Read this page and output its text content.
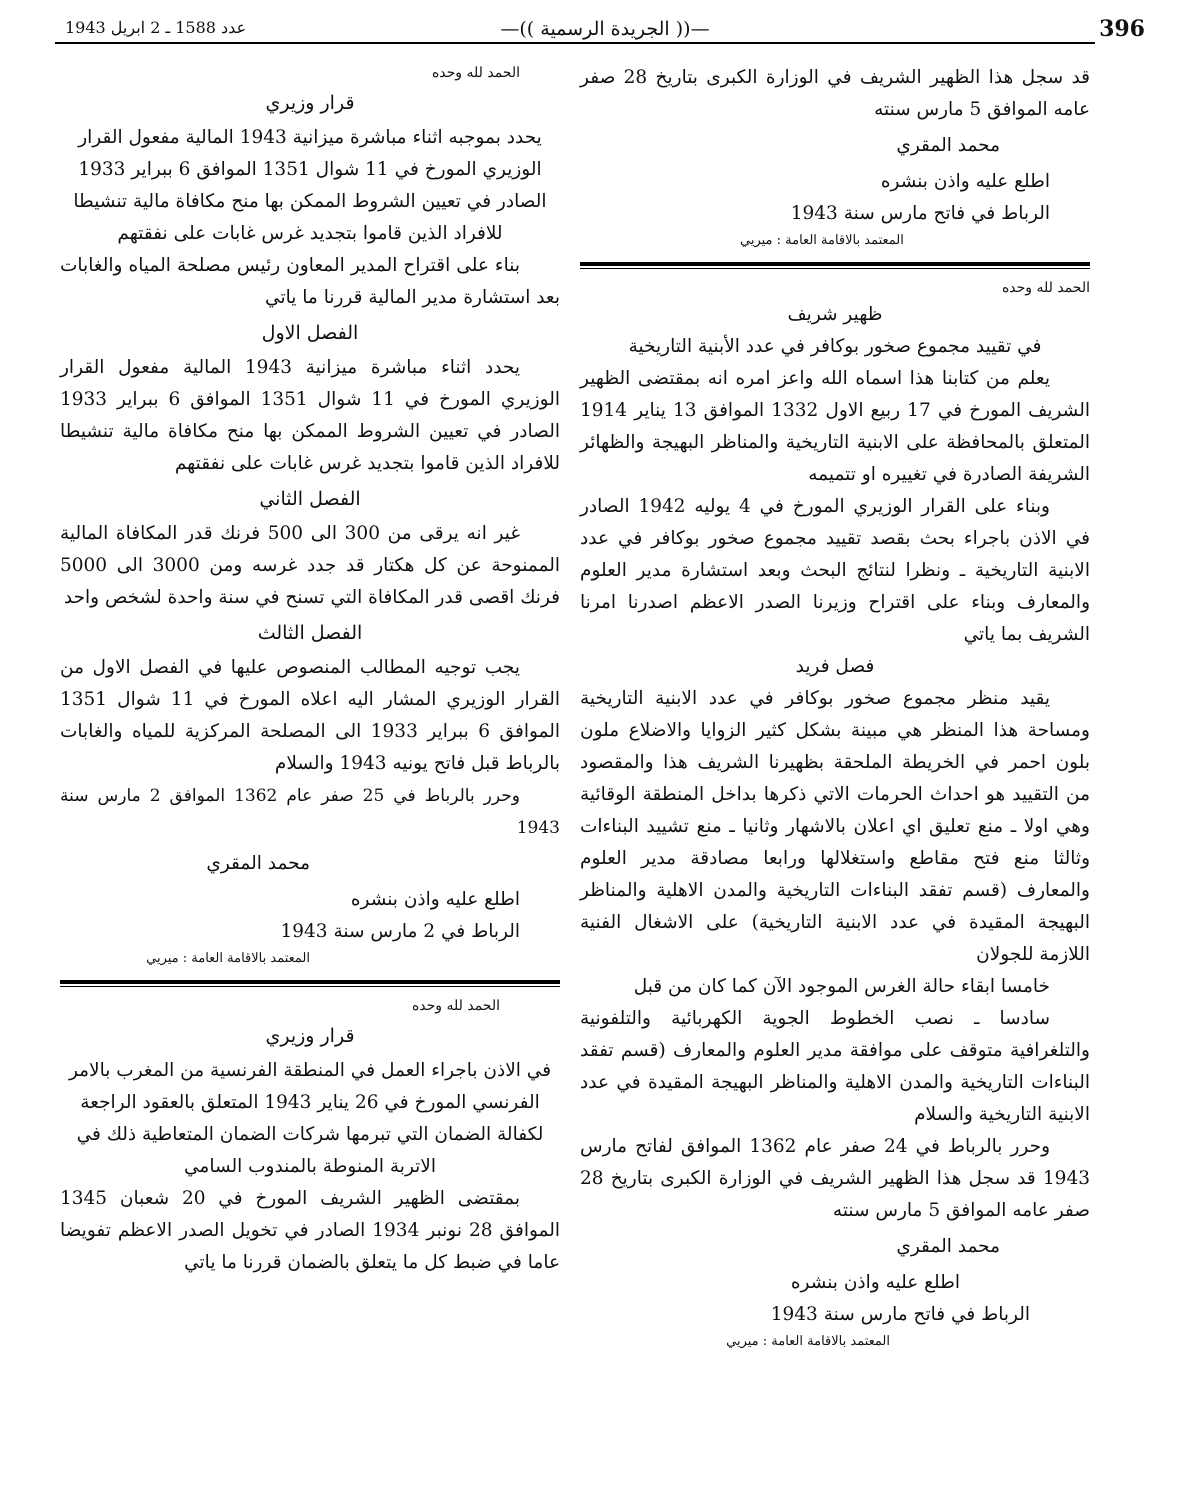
396
—(( الجريدة الرسمية ))—
عدد 1588 ـ 2 ابريل 1943

قد سجل هذا الظهير الشريف في الوزارة الكبرى بتاريخ 28 صفر عامه الموافق 5 مارس سنته

محمد المقري

اطلع عليه واذن بنشره

الرباط في فاتح مارس سنة 1943

المعتمد بالاقامة العامة : ميريي

الحمد لله وحده

ظهير شريف

في تقييد مجموع صخور بوكافر في عدد الأبنية التاريخية

يعلم من كتابنا هذا اسماه الله واعز امره انه بمقتضى الظهير الشريف المورخ في 17 ربيع الاول 1332 الموافق 13 يناير 1914 المتعلق بالمحافظة على الابنية التاريخية والمناظر البهيجة والظهائر الشريفة الصادرة في تغييره او تتميمه

وبناء على القرار الوزيري المورخ في 4 يوليه 1942 الصادر في الاذن باجراء بحث بقصد تقييد مجموع صخور بوكافر في عدد الابنية التاريخية ـ ونظرا لنتائج البحث وبعد استشارة مدير العلوم والمعارف وبناء على اقتراح وزيرنا الصدر الاعظم اصدرنا امرنا الشريف بما ياتي

فصل فريد

يقيد منظر مجموع صخور بوكافر في عدد الابنية التاريخية ومساحة هذا المنظر هي مبينة بشكل كثير الزوايا والاضلاع ملون بلون احمر في الخريطة الملحقة بظهيرنا الشريف هذا والمقصود من التقييد هو احداث الحرمات الاتي ذكرها بداخل المنطقة الوقائية وهي اولا ـ منع تعليق اي اعلان بالاشهار وثانيا ـ منع تشييد البناءات وثالثا منع فتح مقاطع واستغلالها ورابعا مصادقة مدير العلوم والمعارف (قسم تفقد البناءات التاريخية والمدن الاهلية والمناظر البهيجة المقيدة في عدد الابنية التاريخية) على الاشغال الفنية اللازمة للجولان

خامسا ابقاء حالة الغرس الموجود الآن كما كان من قبل

سادسا ـ نصب الخطوط الجوية الكهربائية والتلفونية والتلغرافية متوقف على موافقة مدير العلوم والمعارف (قسم تفقد البناءات التاريخية والمدن الاهلية والمناظر البهيجة المقيدة في عدد الابنية التاريخية والسلام

وحرر بالرباط في 24 صفر عام 1362 الموافق لفاتح مارس 1943 قد سجل هذا الظهير الشريف في الوزارة الكبرى بتاريخ 28 صفر عامه الموافق 5 مارس سنته

محمد المقري

اطلع عليه واذن بنشره

الرباط في فاتح مارس سنة 1943

المعتمد بالاقامة العامة : ميريي

الحمد لله وحده

قرار وزيري

يحدد بموجبه اثناء مباشرة ميزانية 1943 المالية مفعول القرار الوزيري المورخ في 11 شوال 1351 الموافق 6 ببراير 1933 الصادر في تعيين الشروط الممكن بها منح مكافاة مالية تنشيطا للافراد الذين قاموا بتجديد غرس غابات على نفقتهم

بناء على اقتراح المدير المعاون رئيس مصلحة المياه والغابات بعد استشارة مدير المالية قررنا ما ياتي

الفصل الاول

يحدد اثناء مباشرة ميزانية 1943 المالية مفعول القرار الوزيري المورخ في 11 شوال 1351 الموافق 6 ببراير 1933 الصادر في تعيين الشروط الممكن بها منح مكافاة مالية تنشيطا للافراد الذين قاموا بتجديد غرس غابات على نفقتهم

الفصل الثاني

غير انه يرقى من 300 الى 500 فرنك قدر المكافاة المالية الممنوحة عن كل هكتار قد جدد غرسه ومن 3000 الى 5000 فرنك اقصى قدر المكافاة التي تسنح في سنة واحدة لشخص واحد

الفصل الثالث

يجب توجيه المطالب المنصوص عليها في الفصل الاول من القرار الوزيري المشار اليه اعلاه المورخ في 11 شوال 1351 الموافق 6 ببراير 1933 الى المصلحة المركزية للمياه والغابات بالرباط قبل فاتح يونيه 1943 والسلام

وحرر بالرباط في 25 صفر عام 1362 الموافق 2 مارس سنة 1943

محمد المقري

اطلع عليه واذن بنشره

الرباط في 2 مارس سنة 1943

المعتمد بالاقامة العامة : ميريي

الحمد لله وحده

قرار وزيري

في الاذن باجراء العمل في المنطقة الفرنسية من المغرب بالامر الفرنسي المورخ في 26 يناير 1943 المتعلق بالعقود الراجعة لكفالة الضمان التي تبرمها شركات الضمان المتعاطية ذلك في الاتربة المنوطة بالمندوب السامي

بمقتضى الظهير الشريف المورخ في 20 شعبان 1345 الموافق 28 نونبر 1934 الصادر في تخويل الصدر الاعظم تفويضا عاما في ضبط كل ما يتعلق بالضمان قررنا ما ياتي
